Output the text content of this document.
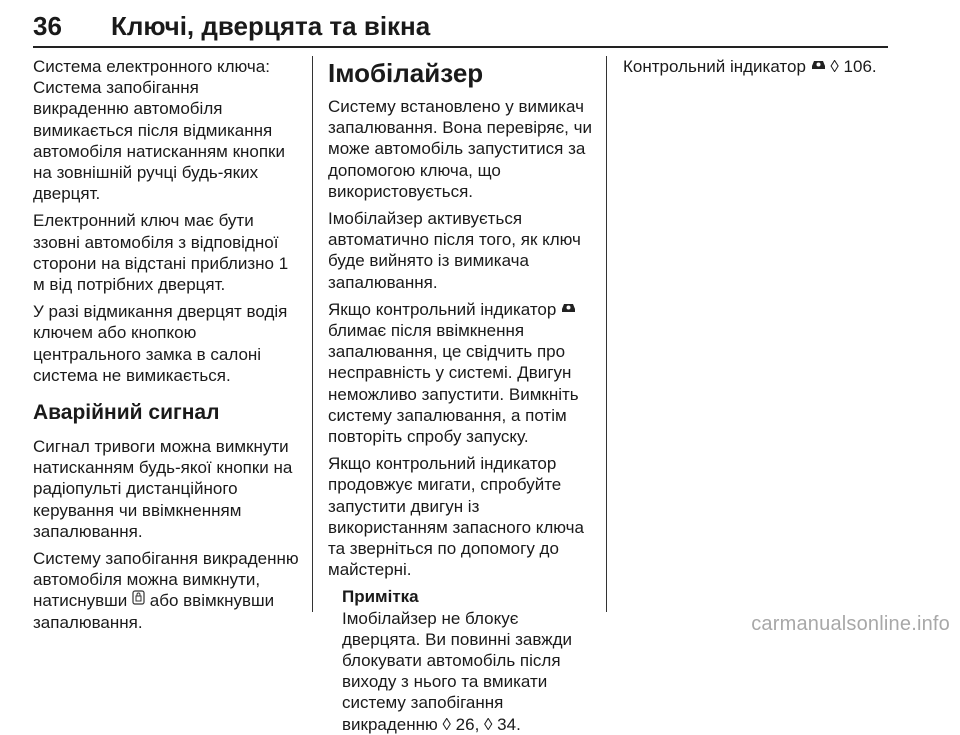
36	Ключі, дверцята та вікна

Система електронного ключа: Система запобігання викраденню автомобіля вимикається після відмикання автомобіля натисканням кнопки на зовнішній ручці будь-яких дверцят.

Електронний ключ має бути ззовні автомобіля з відповідної сторони на відстані приблизно 1 м від потрібних дверцят.

У разі відмикання дверцят водія ключем або кнопкою центрального замка в салоні система не вимикається.

Аварійний сигнал

Сигнал тривоги можна вимкнути натисканням будь-якої кнопки на радіопульті дистанційного керування чи ввімкненням запалювання.

Систему запобігання викраденню автомобіля можна вимкнути, натиснувши або ввімкнувши запалювання.

Імобілайзер

Систему встановлено у вимикач запалювання. Вона перевіряє, чи може автомобіль запуститися за допомогою ключа, що використовується.

Імобілайзер активується автоматично після того, як ключ буде вийнято із вимикача запалювання.

Якщо контрольний індикатор  блимає після ввімкнення запалювання, це свідчить про несправність у системі. Двигун неможливо запустити. Вимкніть систему запалювання, а потім повторіть спробу запуску.

Якщо контрольний індикатор продовжує мигати, спробуйте запустити двигун із використанням запасного ключа та зверніться по допомогу до майстерні.

Примітка
Імобілайзер не блокує дверцята. Ви повинні завжди блокувати автомобіль після виходу з нього та вмикати систему запобігання викраденню ◊ 26, ◊ 34.

Контрольний індикатор ◊ 106.

carmanualsonline.info
